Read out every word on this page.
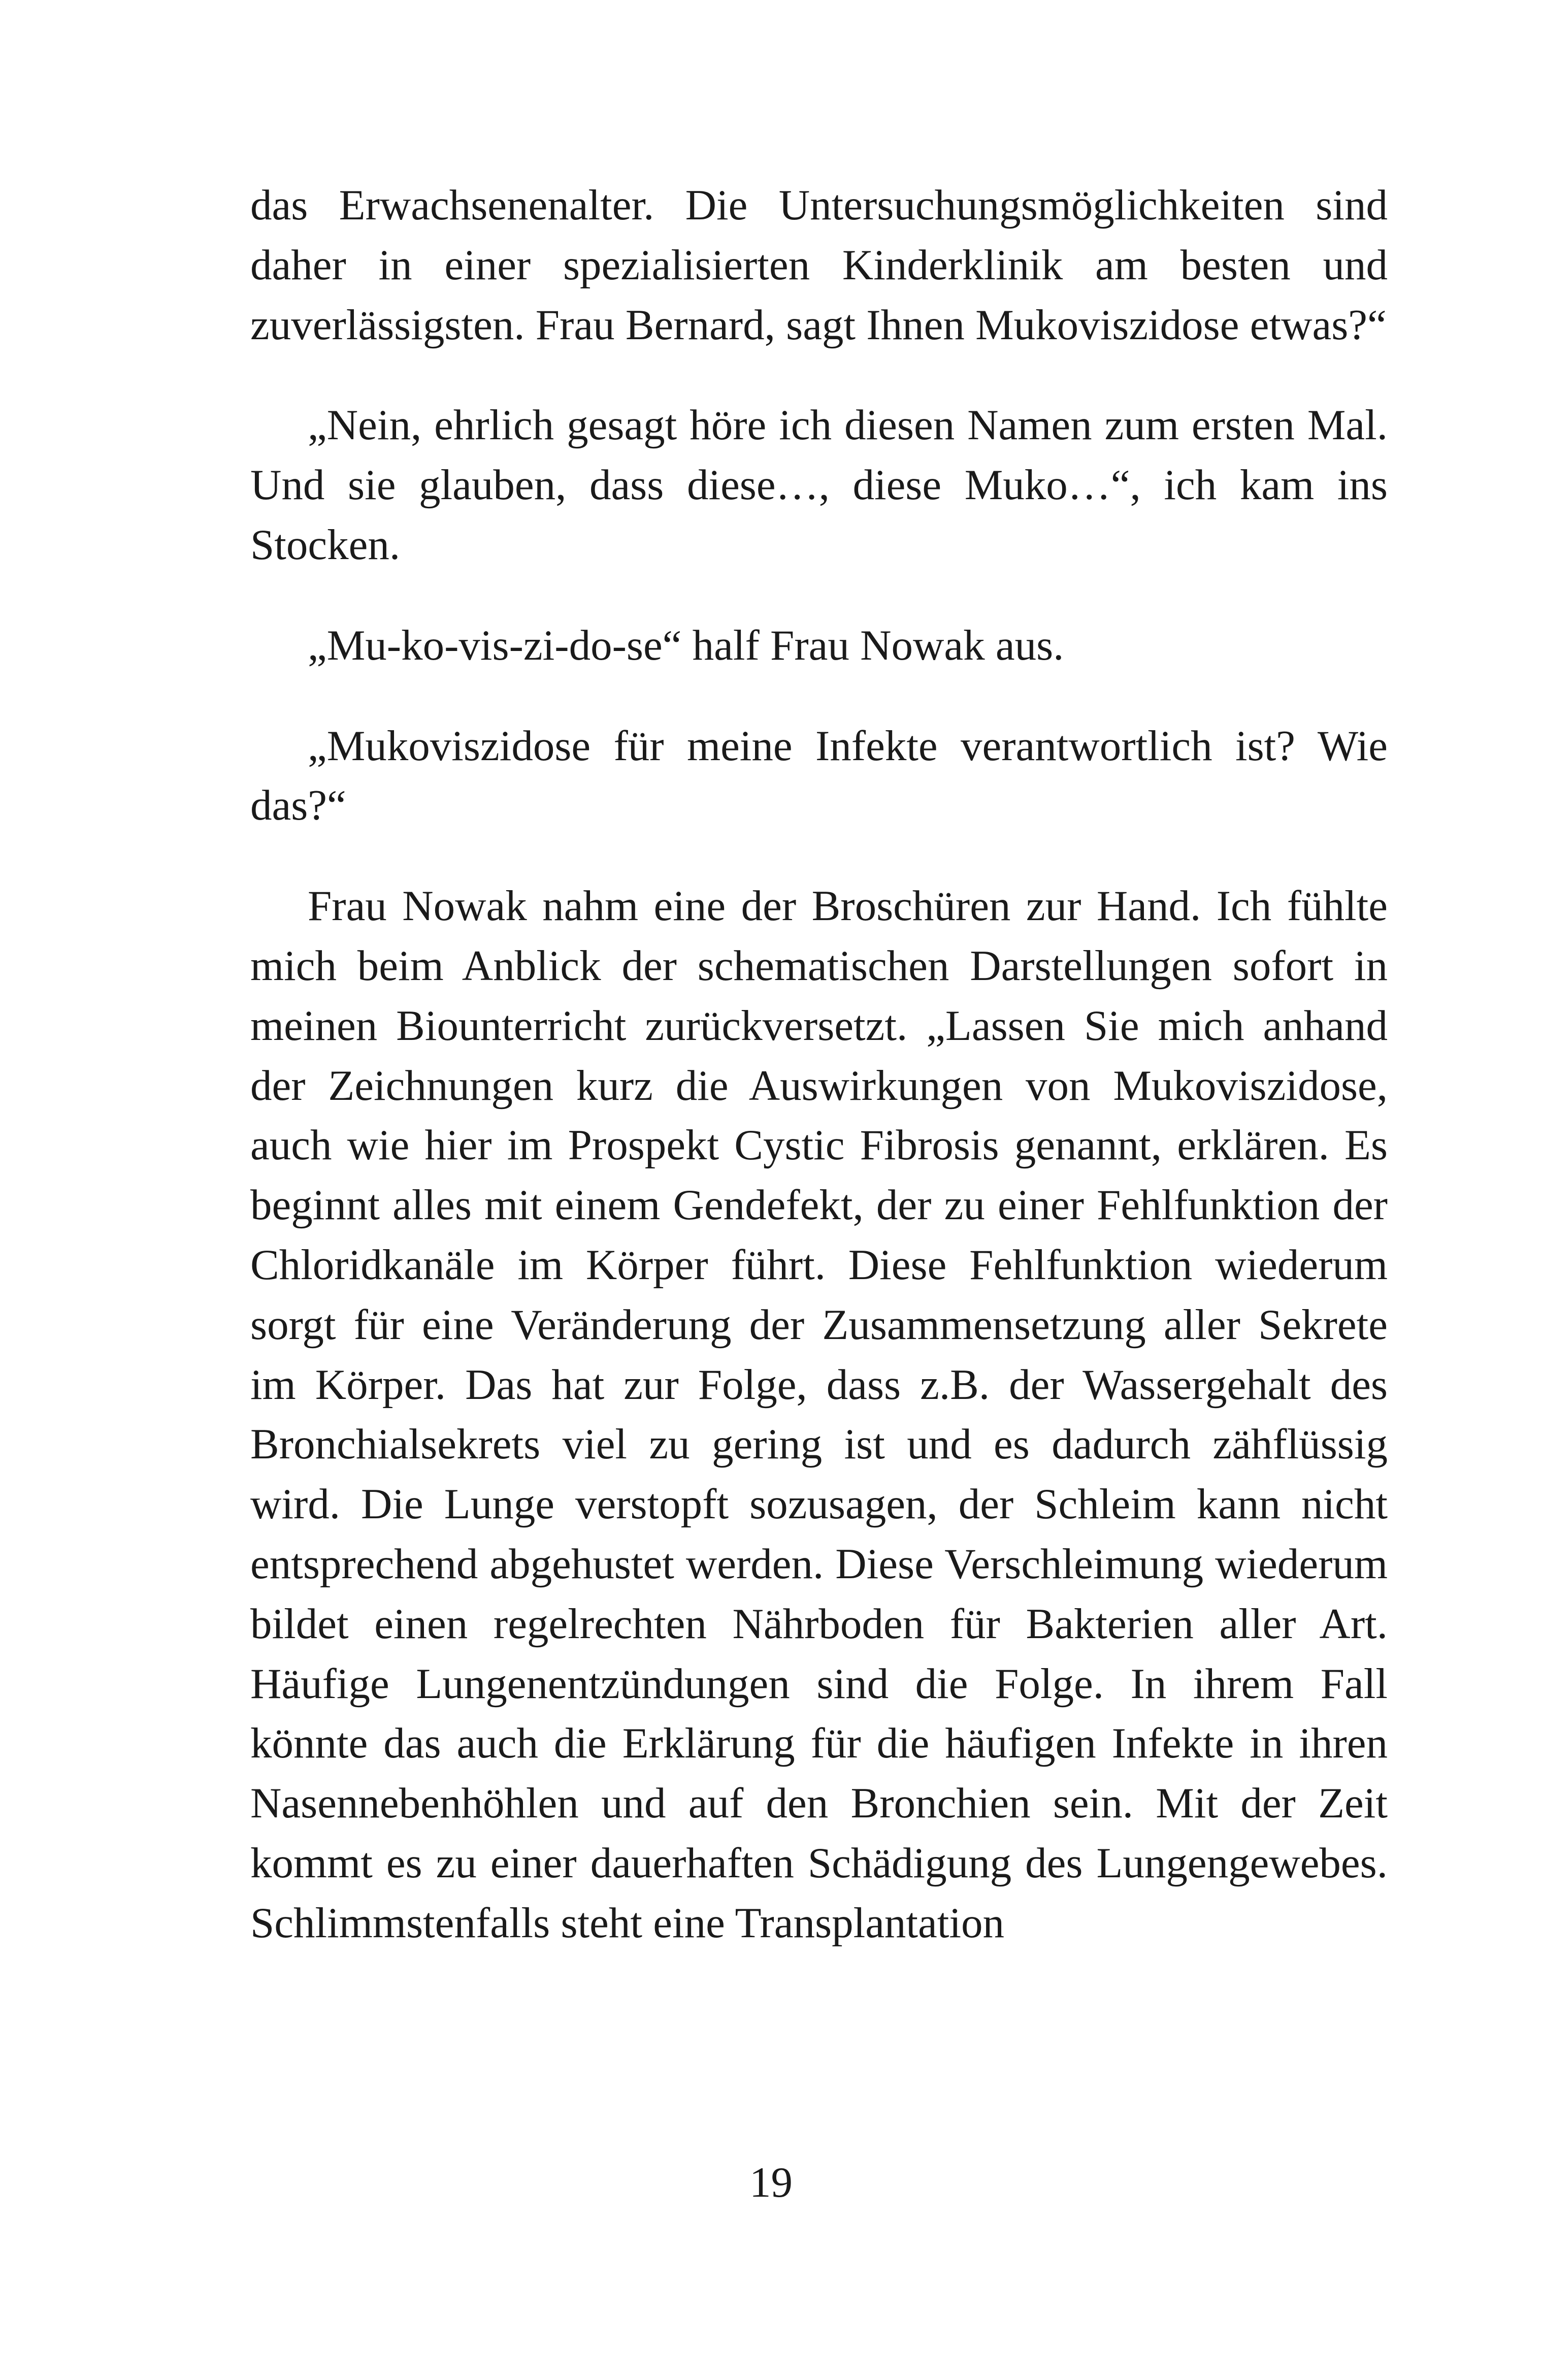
das Erwachsenenalter. Die Untersuchungsmöglichkeiten sind daher in einer spezialisierten Kinderklinik am besten und zuverlässigsten. Frau Bernard, sagt Ihnen Mukoviszidose etwas?“

„Nein, ehrlich gesagt höre ich diesen Namen zum ersten Mal. Und sie glauben, dass diese…, diese Muko…“, ich kam ins Stocken.

„Mu-ko-vis-zi-do-se“ half Frau Nowak aus.

„Mukoviszidose für meine Infekte verantwortlich ist? Wie das?“

Frau Nowak nahm eine der Broschüren zur Hand. Ich fühlte mich beim Anblick der schematischen Darstellungen sofort in meinen Biounterricht zurückversetzt. „Lassen Sie mich anhand der Zeichnungen kurz die Auswirkungen von Mukoviszidose, auch wie hier im Prospekt Cystic Fibrosis genannt, erklären. Es beginnt alles mit einem Gendefekt, der zu einer Fehlfunktion der Chloridkanäle im Körper führt. Diese Fehlfunktion wiederum sorgt für eine Veränderung der Zusammensetzung aller Sekrete im Körper. Das hat zur Folge, dass z.B. der Wassergehalt des Bronchialsekrets viel zu gering ist und es dadurch zähflüssig wird. Die Lunge verstopft sozusagen, der Schleim kann nicht entsprechend abgehustet werden. Diese Verschleimung wiederum bildet einen regelrechten Nährboden für Bakterien aller Art. Häufige Lungenentzündungen sind die Folge. In ihrem Fall könnte das auch die Erklärung für die häufigen Infekte in ihren Nasennebenhöhlen und auf den Bronchien sein. Mit der Zeit kommt es zu einer dauerhaften Schädigung des Lungengewebes. Schlimmstenfalls steht eine Transplantation

19
